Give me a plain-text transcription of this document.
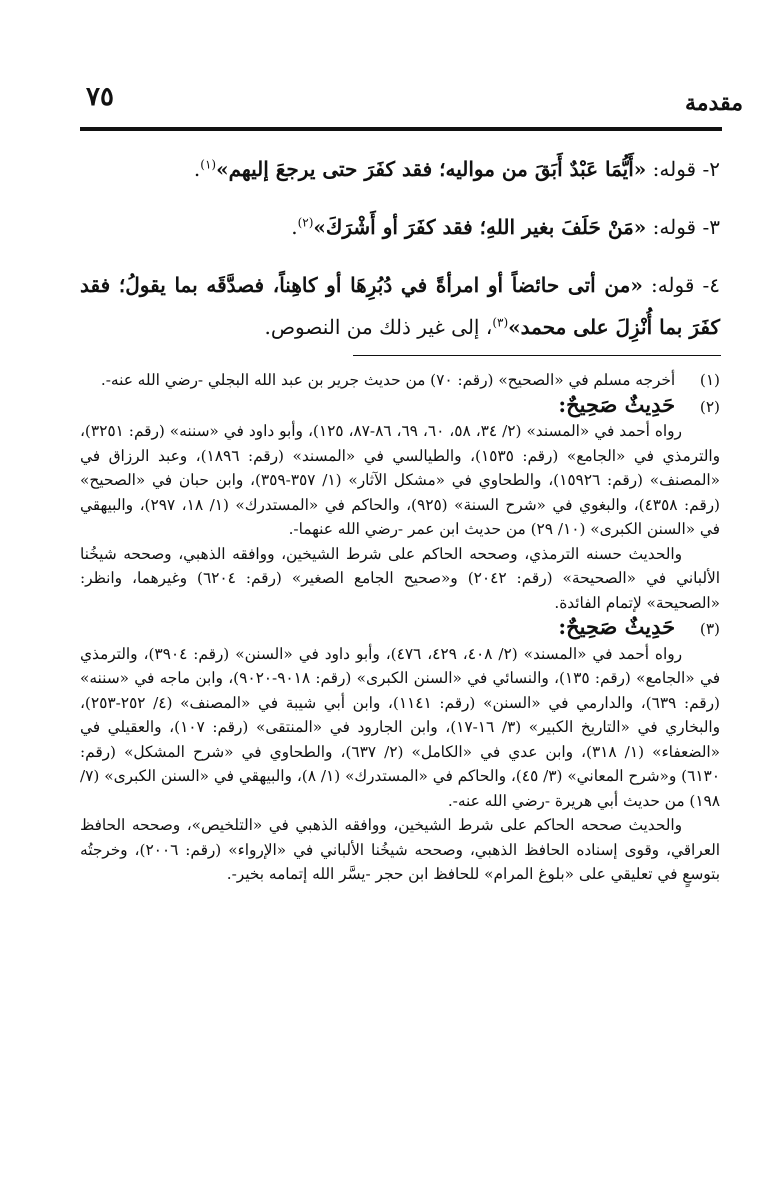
مقدمة
٧٥

٢- قوله: «أَيُّمَا عَبْدٌ أَبَقَ من مواليه؛ فقد كفَرَ حتى يرجعَ إليهم»$^{(١)}$.

٣- قوله: «مَنْ حَلَفَ بغير اللهِ؛ فقد كفَرَ أو أَشْرَكَ»$^{(٢)}$.

٤- قوله: «من أتى حائضاً أو امرأةً في دُبُرِهَا أو كاهِناً، فصدَّقَه بما يقولُ؛ فقد كفَرَ بما أُنْزِلَ على محمد»$^{(٣)}$، إلى غير ذلك من النصوص.

(١) أخرجه مسلم في «الصحيح» (رقم: ٧٠) من حديث جرير بن عبد الله البجلي -رضي الله عنه-.

(٢) حَدِيثٌ صَحِيحٌ:

رواه أحمد في «المسند» (٢/ ٣٤، ٥٨، ٦٠، ٦٩، ٨٦-٨٧، ١٢٥)، وأبو داود في «سننه» (رقم: ٣٢٥١)، والترمذي في «الجامع» (رقم: ١٥٣٥)، والطيالسي في «المسند» (رقم: ١٨٩٦)، وعبد الرزاق في «المصنف» (رقم: ١٥٩٢٦)، والطحاوي في «مشكل الآثار» (١/ ٣٥٧-٣٥٩)، وابن حبان في «الصحيح» (رقم: ٤٣٥٨)، والبغوي في «شرح السنة» (٩٢٥)، والحاكم في «المستدرك» (١/ ١٨، ٢٩٧)، والبيهقي في «السنن الكبرى» (١٠/ ٢٩) من حديث ابن عمر -رضي الله عنهما-.

والحديث حسنه الترمذي، وصححه الحاكم على شرط الشيخين، ووافقه الذهبي، وصححه شيخُنا الألباني في «الصحيحة» (رقم: ٢٠٤٢) و«صحيح الجامع الصغير» (رقم: ٦٢٠٤) وغيرهما، وانظر: «الصحيحة» لإتمام الفائدة.

(٣) حَدِيثٌ صَحِيحٌ:

رواه أحمد في «المسند» (٢/ ٤٠٨، ٤٢٩، ٤٧٦)، وأبو داود في «السنن» (رقم: ٣٩٠٤)، والترمذي في «الجامع» (رقم: ١٣٥)، والنسائي في «السنن الكبرى» (رقم: ٩٠١٨-٩٠٢٠)، وابن ماجه في «سننه» (رقم: ٦٣٩)، والدارمي في «السنن» (رقم: ١١٤١)، وابن أبي شيبة في «المصنف» (٤/ ٢٥٢-٢٥٣)، والبخاري في «التاريخ الكبير» (٣/ ١٦-١٧)، وابن الجارود في «المنتقى» (رقم: ١٠٧)، والعقيلي في «الضعفاء» (١/ ٣١٨)، وابن عدي في «الكامل» (٢/ ٦٣٧)، والطحاوي في «شرح المشكل» (رقم: ٦١٣٠) و«شرح المعاني» (٣/ ٤٥)، والحاكم في «المستدرك» (١/ ٨)، والبيهقي في «السنن الكبرى» (٧/ ١٩٨) من حديث أبي هريرة -رضي الله عنه-.

والحديث صححه الحاكم على شرط الشيخين، ووافقه الذهبي في «التلخيص»، وصححه الحافظ العراقي، وقوى إسناده الحافظ الذهبي، وصححه شيخُنا الألباني في «الإرواء» (رقم: ٢٠٠٦)، وخرجتُه بتوسعٍ في تعليقي على «بلوغ المرام» للحافظ ابن حجر -يسَّر الله إتمامه بخير-.
